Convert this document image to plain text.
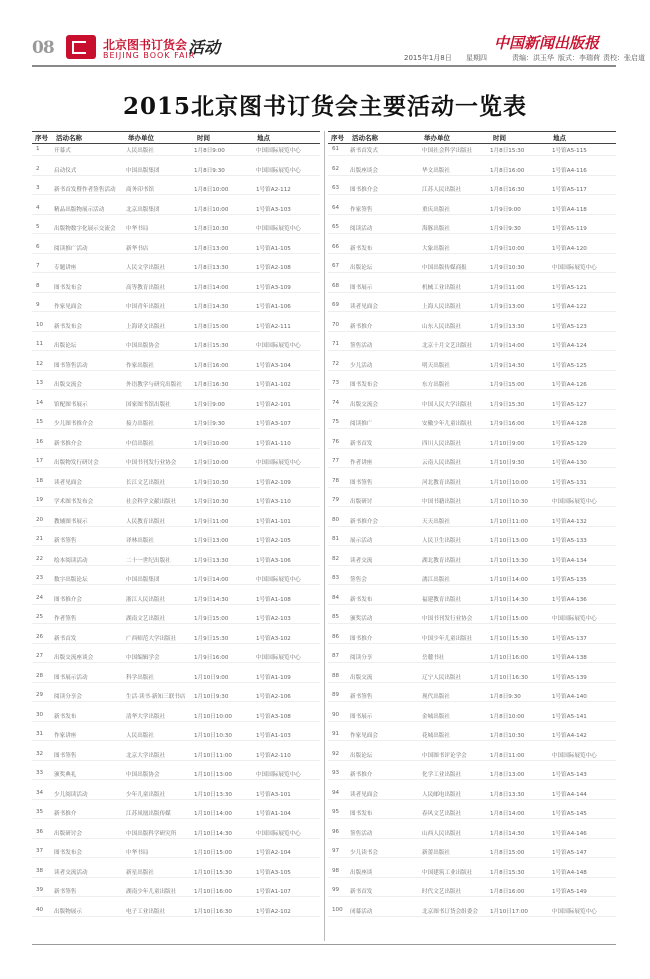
08	北京图书订货会
BEIJING BOOK FAIR
活动	中国新闻出版报
2015年1月8日 星期四	责编：洪玉华 版式：李瑞荷 责校：张启道
2015北京图书订货会主要活动一览表
序号 活动名称	举办单位	时间	地点
1	开幕式	人民出版社	1月8日9:00	中国国际展览中心
2	启动仪式	中国出版集团	1月8日9:30	中国国际展览中心
3	新书首发暨作者签售活动	商务印书馆	1月8日10:00	1号馆A2-112
4	精品出版物展示活动	北京出版集团	1月8日10:00	1号馆A3-103
5	出版物数字化展示交流会	中华书局	1月8日10:30	中国国际展览中心
6	阅读推广活动	新华书店	1月8日13:00	1号馆A1-105
7	专题讲座	人民文学出版社	1月8日13:30	1号馆A2-108
8	图书发布会	高等教育出版社	1月8日14:00	1号馆A3-109
9	作家见面会	中国青年出版社	1月8日14:30	1号馆A1-106
10	新书发布会	上海译文出版社	1月8日15:00	1号馆A2-111
11	出版论坛	中国出版协会	1月8日15:30	中国国际展览中心
12	图书签售活动	作家出版社	1月8日16:00	1号馆A3-104
13	出版交流会	外语教学与研究出版社	1月8日16:30	1号馆A1-102
14	馆配图书展示	国家图书馆出版社	1月9日9:00	1号馆A2-101
15	少儿图书推介会	接力出版社	1月9日9:30	1号馆A3-107
16	新书推介会	中信出版社	1月9日10:00	1号馆A1-110
17	出版物发行研讨会	中国书刊发行业协会	1月9日10:00	中国国际展览中心
18	读者见面会	长江文艺出版社	1月9日10:30	1号馆A2-109
19	学术图书发布会	社会科学文献出版社	1月9日10:30	1号馆A3-110
20	教辅图书展示	人民教育出版社	1月9日11:00	1号馆A1-101
21	新书签售	译林出版社	1月9日13:00	1号馆A2-105
22	绘本阅读活动	二十一世纪出版社	1月9日13:30	1号馆A3-106
23	数字出版论坛	中国出版集团	1月9日14:00	中国国际展览中心
24	图书推介会	浙江人民出版社	1月9日14:30	1号馆A1-108
25	作者签售	湖南文艺出版社	1月9日15:00	1号馆A2-103
26	新书首发	广西师范大学出版社	1月9日15:30	1号馆A3-102
27	出版交流座谈会	中国编辑学会	1月9日16:00	中国国际展览中心
28	图书展示活动	科学出版社	1月10日9:00	1号馆A1-109
29	阅读分享会	生活·读书·新知三联书店	1月10日9:30	1号馆A2-106
30	新书发布	清华大学出版社	1月10日10:00	1号馆A3-108
31	作家讲座	人民出版社	1月10日10:30	1号馆A1-103
32	图书签售	北京大学出版社	1月10日11:00	1号馆A2-110
33	颁奖典礼	中国出版协会	1月10日13:00	中国国际展览中心
34	少儿阅读活动	少年儿童出版社	1月10日13:30	1号馆A3-101
35	新书推介	江苏凤凰出版传媒	1月10日14:00	1号馆A1-104
36	出版研讨会	中国出版科学研究所	1月10日14:30	中国国际展览中心
37	图书发布会	中华书局	1月10日15:00	1号馆A2-104
38	读者交流活动	新星出版社	1月10日15:30	1号馆A3-105
39	新书签售	湖南少年儿童出版社	1月10日16:00	1号馆A1-107
40	出版物展示	电子工业出版社	1月10日16:30	1号馆A2-102
序号 活动名称	举办单位	时间	地点
61	新书首发式	中国社会科学出版社	1月8日15:30	1号馆A5-115
62	出版座谈会	华文出版社	1月8日16:00	1号馆A4-116
63	图书推介会	江苏人民出版社	1月8日16:30	1号馆A5-117
64	作家签售	重庆出版社	1月9日9:00	1号馆A4-118
65	阅读活动	海豚出版社	1月9日9:30	1号馆A5-119
66	新书发布	大象出版社	1月9日10:00	1号馆A4-120
67	出版论坛	中国出版传媒商报	1月9日10:30	中国国际展览中心
68	图书展示	机械工业出版社	1月9日11:00	1号馆A5-121
69	读者见面会	上海人民出版社	1月9日13:00	1号馆A4-122
70	新书推介	山东人民出版社	1月9日13:30	1号馆A5-123
71	签售活动	北京十月文艺出版社	1月9日14:00	1号馆A4-124
72	少儿活动	明天出版社	1月9日14:30	1号馆A5-125
73	图书发布会	东方出版社	1月9日15:00	1号馆A4-126
74	出版交流会	中国人民大学出版社	1月9日15:30	1号馆A5-127
75	阅读推广	安徽少年儿童出版社	1月9日16:00	1号馆A4-128
76	新书首发	四川人民出版社	1月10日9:00	1号馆A5-129
77	作者讲座	云南人民出版社	1月10日9:30	1号馆A4-130
78	图书签售	河北教育出版社	1月10日10:00	1号馆A5-131
79	出版研讨	中国书籍出版社	1月10日10:30	中国国际展览中心
80	新书推介会	天天出版社	1月10日11:00	1号馆A4-132
81	展示活动	人民卫生出版社	1月10日13:00	1号馆A5-133
82	读者交流	湖北教育出版社	1月10日13:30	1号馆A4-134
83	签售会	漓江出版社	1月10日14:00	1号馆A5-135
84	新书发布	福建教育出版社	1月10日14:30	1号馆A4-136
85	颁奖活动	中国书刊发行业协会	1月10日15:00	中国国际展览中心
86	图书推介	中国少年儿童出版社	1月10日15:30	1号馆A5-137
87	阅读分享	岳麓书社	1月10日16:00	1号馆A4-138
88	出版交流	辽宁人民出版社	1月10日16:30	1号馆A5-139
89	新书签售	现代出版社	1月8日9:30	1号馆A4-140
90	图书展示	金城出版社	1月8日10:00	1号馆A5-141
91	作家见面会	花城出版社	1月8日10:30	1号馆A4-142
92	出版论坛	中国图书评论学会	1月8日11:00	中国国际展览中心
93	新书推介	化学工业出版社	1月8日13:00	1号馆A5-143
94	读者见面会	人民邮电出版社	1月8日13:30	1号馆A4-144
95	图书发布	春风文艺出版社	1月8日14:00	1号馆A5-145
96	签售活动	山西人民出版社	1月8日14:30	1号馆A4-146
97	少儿读书会	新蕾出版社	1月8日15:00	1号馆A5-147
98	出版座谈	中国建筑工业出版社	1月8日15:30	1号馆A4-148
99	新书首发	时代文艺出版社	1月8日16:00	1号馆A5-149
100	闭幕活动	北京图书订货会组委会	1月10日17:00	中国国际展览中心
